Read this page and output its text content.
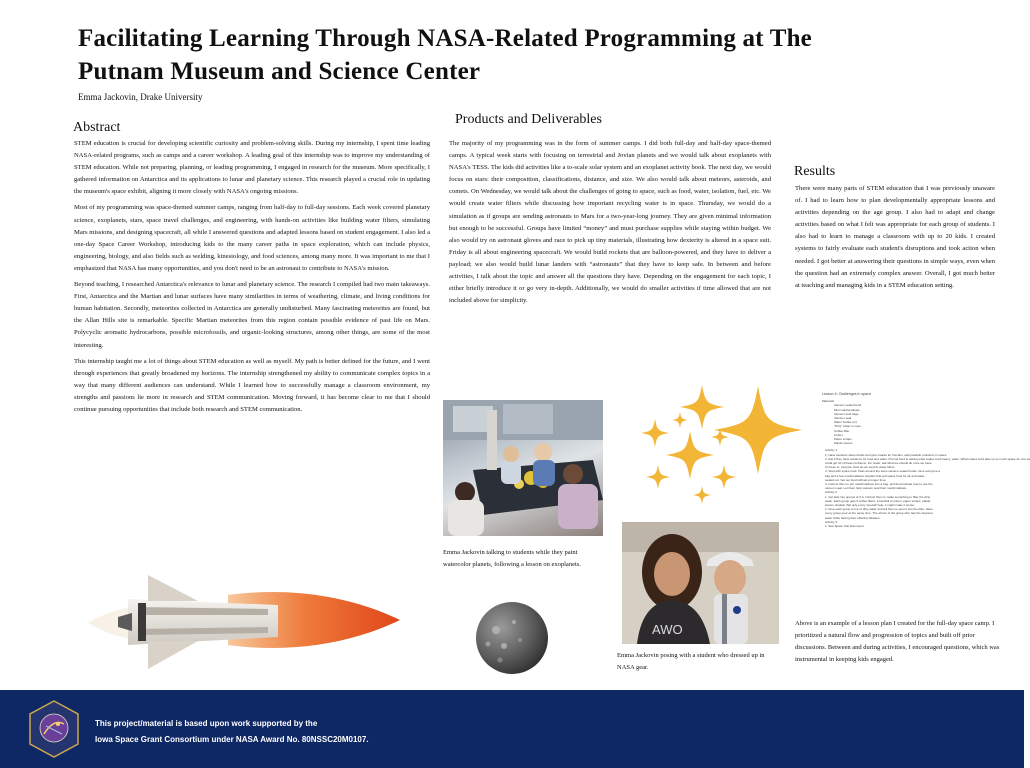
Facilitating Learning Through NASA-Related Programming at The
Putnam Museum and Science Center
Emma Jackovin, Drake University
Abstract

STEM education is crucial for developing scientific curiosity and problem-solving skills. During my internship, I spent time leading NASA-related programs, such as camps and a career workshop. A leading goal of this internship was to improve my understanding of STEM education. While not preparing, planning, or leading programming, I engaged in research for the museum. More specifically, I gathered information on Antarctica and its applications to lunar and planetary science. This research played a crucial role in updating the museum's space exhibit, aligning it more closely with NASA's ongoing missions.

Most of my programming was space-themed summer camps, ranging from half-day to full-day sessions. Each week covered planetary science, exoplanets, stars, space travel challenges, and engineering, with hands-on activities like building water filters, simulating Mars missions, and designing spacecraft, all while I answered questions and adapted lessons based on student engagement. I also led a one-day Space Career Workshop, introducing kids to the many career paths in space exploration, which can include physics, engineering, biology, and also fields such as welding, kinesiology, and food sciences, among many more. It was important to me that I emphasized that NASA has many opportunities, and you don't need to be an astronaut to contribute to NASA's mission.

Beyond teaching, I researched Antarctica's relevance to lunar and planetary science. The research I compiled had two main takeaways. First, Antarctica and the Martian and lunar surfaces have many similarities in terms of weathering, climate, and living conditions for human habitation. Secondly, meteorites collected in Antarctica are generally undisturbed. Many fascinating meteorites are found, but the Allan Hills site is remarkable. Specific Martian meteorites from this region contain possible evidence of past life on Mars. Polycyclic aromatic hydrocarbons, possible microfossils, and organic-looking structures, among other things, are some of the most interesting.

This internship taught me a lot of things about STEM education as well as myself. My path is better defined for the future, and I went through experiences that greatly broadened my horizons. The internship strengthened my ability to communicate complex topics in a way that many different audiences can understand. While I learned how to successfully manage a classroom environment, my strengths and passions lie more in research and STEM communication. Moving forward, it has become clear to me that I should continue pursuing opportunities that include both research and STEM communication.

Products and Deliverables

The majority of my programming was in the form of summer camps. I did both full-day and half-day space-themed camps. A typical week starts with focusing on terrestrial and Jovian planets and we would talk about exoplanets with NASA's TESS. The kids did activities like a to-scale solar system and an exoplanet activity book. The next day, we would focus on stars: their composition, classifications, distance, and size. We also would talk about meteors, asteroids, and comets. On Wednesday, we would talk about the challenges of going to space, such as food, water, isolation, fuel, etc. We would create water filters while discussing how important recycling water is in space. Thursday, we would do a simulation as if groups are sending astronauts to Mars for a two-year-long journey. They are given minimal information but enough to be successful. Groups have limited “money” and must purchase supplies while staying within budget. We also would try on astronaut gloves and race to pick up tiny materials, illustrating how dexterity is altered in a space suit. Friday is all about engineering spacecraft. We would build rockets that are balloon-powered, and they have to deliver a payload; we also would build lunar landers with “astronauts” that they have to keep safe. In between and before activities, I talk about the topic and answer all the questions they have. Depending on the engagement for each topic, I either briefly introduce it or go very in-depth. Additionally, we would do smaller activities if time allowed that are not included above for simplicity.

Results

There were many parts of STEM education that I was previously unaware of. I had to learn how to plan developmentally appropriate lessons and activities depending on the age group. I also had to adapt and change activities based on what I felt was appropriate for each group of students. I also had to learn to manage a classroom with up to 20 kids. I created systems to fairly evaluate each student's disruptions and took action when needed. I got better at answering their questions in simple ways, even when the question had an extremely complex answer. Overall, I got much better at teaching and managing kids in a STEM education setting.

Emma Jackovin talking to students while they paint watercolor planets, following a lesson on exoplanets.
AWO
Emma Jackovin posing with a student who dressed up in NASA gear.
Lesson 4: Challenges in space
Materials
Vacuum sealed food
Mini marshmallows
Vacuum seal bags
Vacuum seal
Water bottles (or)
"Dirty" water in cups
Coffee filter
Cotton
Paper scraps
Plastic pieces
Activity 1
1. Have students clean hands and give snacks for humans, add possible problems in space.
2. Ask if they have solutions for food and water. Prompt food to asking what makes food heavy; water. What makes food take up so much space air. Are we
could get rid of these problems. For water, ask what we should do once we have
it's been in. (recycle. How do we recycle water filters.
3. Start with space food. Pass around the astro vacuum sealed foods. Give everyone a
bag and a few marshmallows. Explain that sell space food for air and water
sealed out. Set out food will last a longer time.
4. Instruct them to put marshmallows into a bag, and demonstrate how to use the
vacuum seal. Let them help vacuum seal their marshmallows.
Activity 2
1. Get kids into groups of 3-4. Instruct them to make something to filter the dirty
water. Each group gets 5 coffee filters, a handful of cotton, paper scraps, plastic
pieces. Explain that only every 'special' help, it might make it worse.
2. Give each group a cup of dirty water and tell them to pour it into the filter, Have
every group pour at the same time. The winner is the group who has the cleanest
water while having their effective filtration.
Activity 3
1. See Space Suit Document
Above is an example of a lesson plan I created for the full-day space camp. I prioritized a natural flow and progression of topics and built off prior discussions. Between and during activities, I encouraged questions, which was instrumental in keeping kids engaged.
This project/material is based upon work supported by the
Iowa Space Grant Consortium under NASA Award No. 80NSSC20M0107.
